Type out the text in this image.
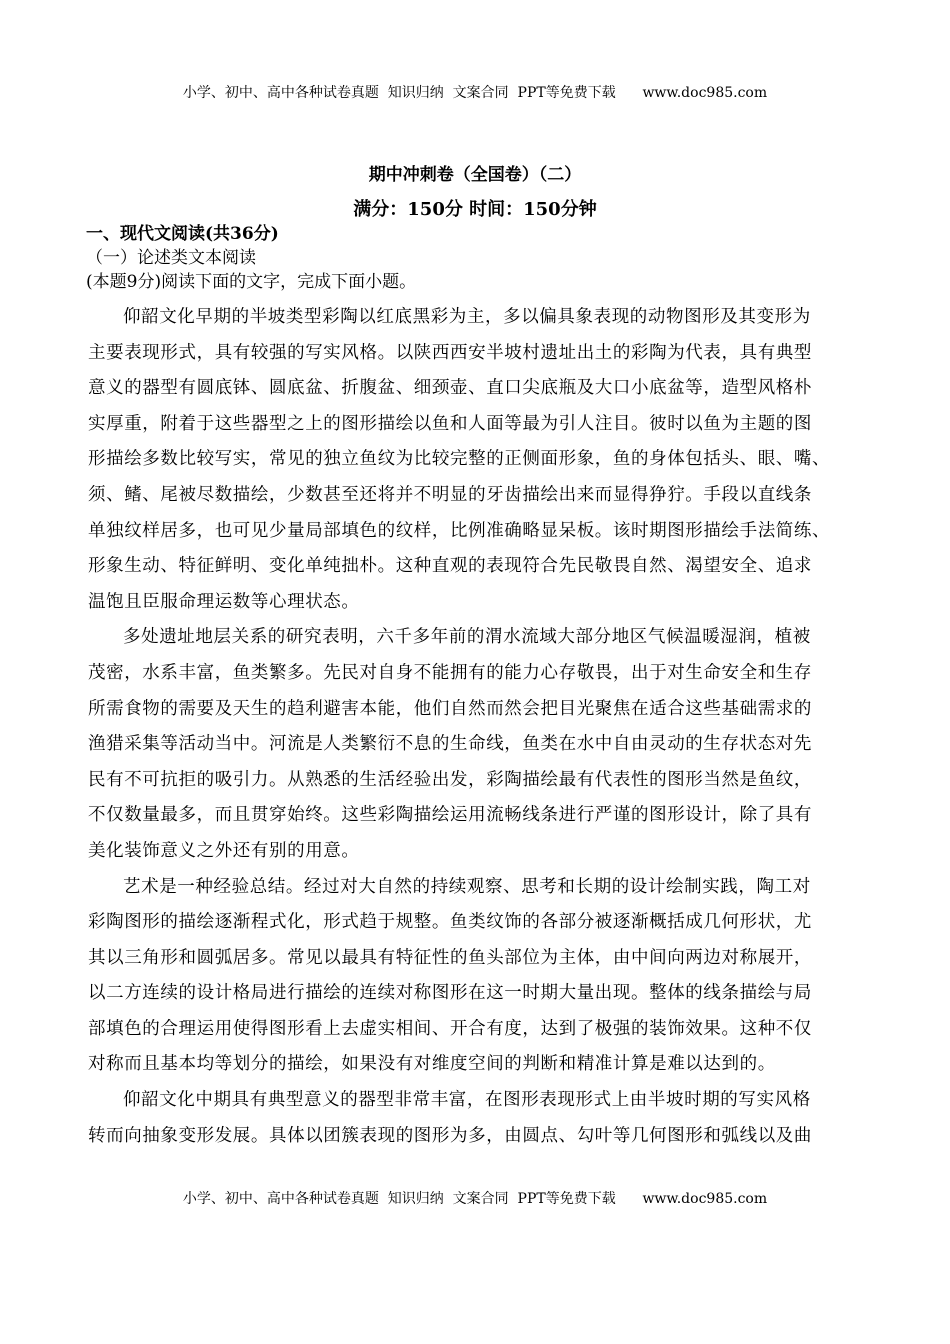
小学、初中、高中各种试卷真题  知识归纳  文案合同  PPT等免费下载      www.doc985.com
期中冲刺卷（全国卷）（二）
满分：150分 时间：150分钟
一、现代文阅读(共36分)
（一）论述类文本阅读
(本题9分)阅读下面的文字，完成下面小题。
仰韶文化早期的半坡类型彩陶以红底黑彩为主，多以偏具象表现的动物图形及其变形为
主要表现形式，具有较强的写实风格。以陕西西安半坡村遗址出土的彩陶为代表，具有典型
意义的器型有圆底钵、圆底盆、折腹盆、细颈壶、直口尖底瓶及大口小底盆等，造型风格朴
实厚重，附着于这些器型之上的图形描绘以鱼和人面等最为引人注目。彼时以鱼为主题的图
形描绘多数比较写实，常见的独立鱼纹为比较完整的正侧面形象，鱼的身体包括头、眼、嘴、
须、鳍、尾被尽数描绘，少数甚至还将并不明显的牙齿描绘出来而显得狰狞。手段以直线条
单独纹样居多，也可见少量局部填色的纹样，比例准确略显呆板。该时期图形描绘手法简练、
形象生动、特征鲜明、变化单纯拙朴。这种直观的表现符合先民敬畏自然、渴望安全、追求
温饱且臣服命理运数等心理状态。
多处遗址地层关系的研究表明，六千多年前的渭水流域大部分地区气候温暖湿润，植被
茂密，水系丰富，鱼类繁多。先民对自身不能拥有的能力心存敬畏，出于对生命安全和生存
所需食物的需要及天生的趋利避害本能，他们自然而然会把目光聚焦在适合这些基础需求的
渔猎采集等活动当中。河流是人类繁衍不息的生命线，鱼类在水中自由灵动的生存状态对先
民有不可抗拒的吸引力。从熟悉的生活经验出发，彩陶描绘最有代表性的图形当然是鱼纹，
不仅数量最多，而且贯穿始终。这些彩陶描绘运用流畅线条进行严谨的图形设计，除了具有
美化装饰意义之外还有别的用意。
艺术是一种经验总结。经过对大自然的持续观察、思考和长期的设计绘制实践，陶工对
彩陶图形的描绘逐渐程式化，形式趋于规整。鱼类纹饰的各部分被逐渐概括成几何形状，尤
其以三角形和圆弧居多。常见以最具有特征性的鱼头部位为主体，由中间向两边对称展开，
以二方连续的设计格局进行描绘的连续对称图形在这一时期大量出现。整体的线条描绘与局
部填色的合理运用使得图形看上去虚实相间、开合有度，达到了极强的装饰效果。这种不仅
对称而且基本均等划分的描绘，如果没有对维度空间的判断和精准计算是难以达到的。
仰韶文化中期具有典型意义的器型非常丰富，在图形表现形式上由半坡时期的写实风格
转而向抽象变形发展。具体以团簇表现的图形为多，由圆点、勾叶等几何图形和弧线以及曲
小学、初中、高中各种试卷真题  知识归纳  文案合同  PPT等免费下载      www.doc985.com
